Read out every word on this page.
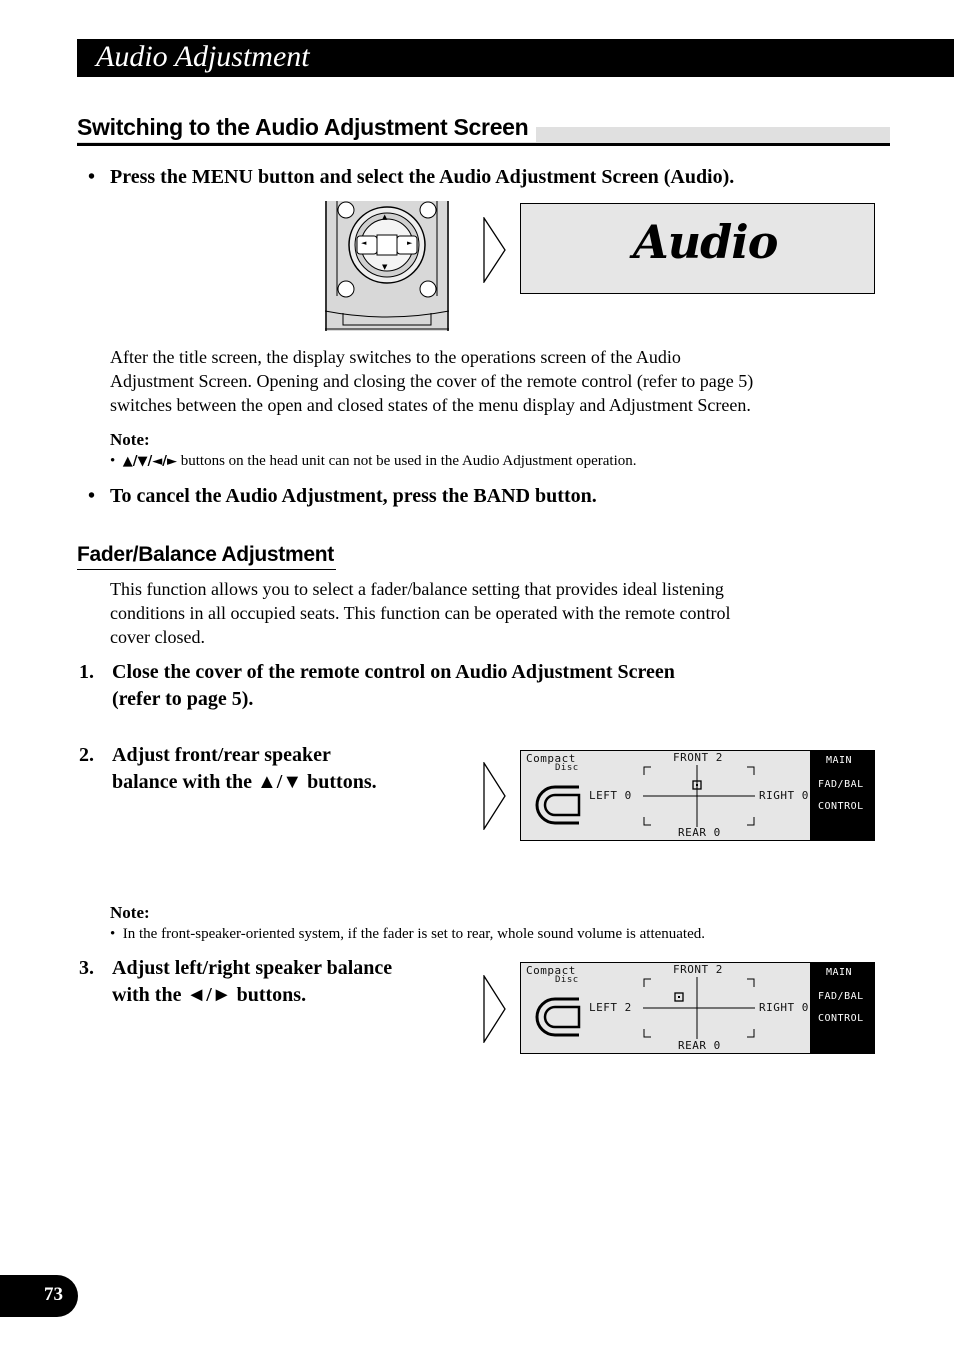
Audio Adjustment
Switching to the Audio Adjustment Screen
• Press the MENU button and select the Audio Adjustment Screen (Audio).
▲
▼
◄	►	Audio
After the title screen, the display switches to the operations screen of the Audio
Adjustment Screen. Opening and closing the cover of the remote control (refer to page 5)
switches between the open and closed states of the menu display and Adjustment Screen.
Note:
• ▲/▼/◄/► buttons on the head unit can not be used in the Audio Adjustment operation.
• To cancel the Audio Adjustment, press the BAND button.
Fader/Balance Adjustment
This function allows you to select a fader/balance setting that provides ideal listening
conditions in all occupied seats. This function can be operated with the remote control
cover closed.
1. Close the cover of the remote control on Audio Adjustment Screen
(refer to page 5).
2. Adjust front/rear speaker
balance with the ▲/▼ buttons.
Compact
Disc
FRONT 2
REAR 0
LEFT 0	RIGHT 0
MAIN
FAD/BAL
CONTROL
Note:
• In the front-speaker-oriented system, if the fader is set to rear, whole sound volume is attenuated.
3. Adjust left/right speaker balance
with the ◄/► buttons.
Compact
Disc
FRONT 2
REAR 0
LEFT 2	RIGHT 0
MAIN
FAD/BAL
CONTROL
73
